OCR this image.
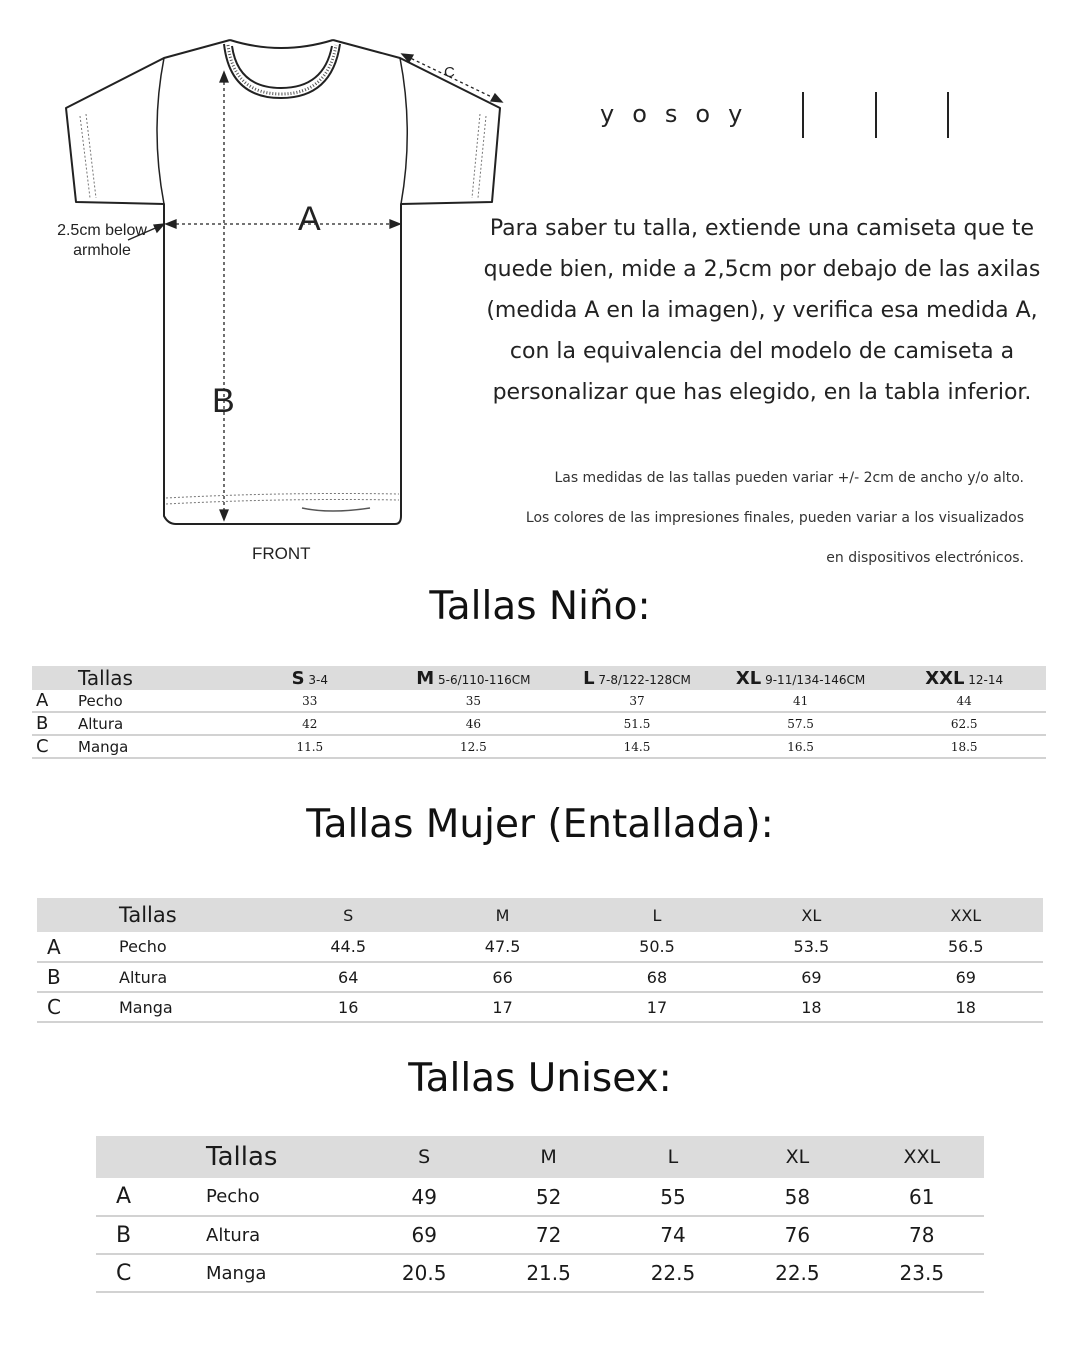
2.5cm below armhole
FRONT
A
B
C
yosoy
Para saber tu talla, extiende una camiseta que te quede bien, mide a 2,5cm por debajo de las axilas (medida A en la imagen), y verifica esa medida A, con la equivalencia del modelo de camiseta a personalizar que has elegido, en la tabla inferior.
Las medidas de las tallas pueden variar +/- 2cm de ancho y/o alto.
Los colores de las impresiones finales, pueden variar a los visualizados
en dispositivos electrónicos.
Tallas Niño:
	Tallas	S 3-4	M 5-6/110-116CM	L 7-8/122-128CM	XL 9-11/134-146CM	XXL 12-14
A	Pecho	33	35	37	41	44
B	Altura	42	46	51.5	57.5	62.5
C	Manga	11.5	12.5	14.5	16.5	18.5
Tallas Mujer (Entallada):
	Tallas	S	M	L	XL	XXL
A	Pecho	44.5	47.5	50.5	53.5	56.5
B	Altura	64	66	68	69	69
C	Manga	16	17	17	18	18
Tallas Unisex:
	Tallas	S	M	L	XL	XXL
A	Pecho	49	52	55	58	61
B	Altura	69	72	74	76	78
C	Manga	20.5	21.5	22.5	22.5	23.5
